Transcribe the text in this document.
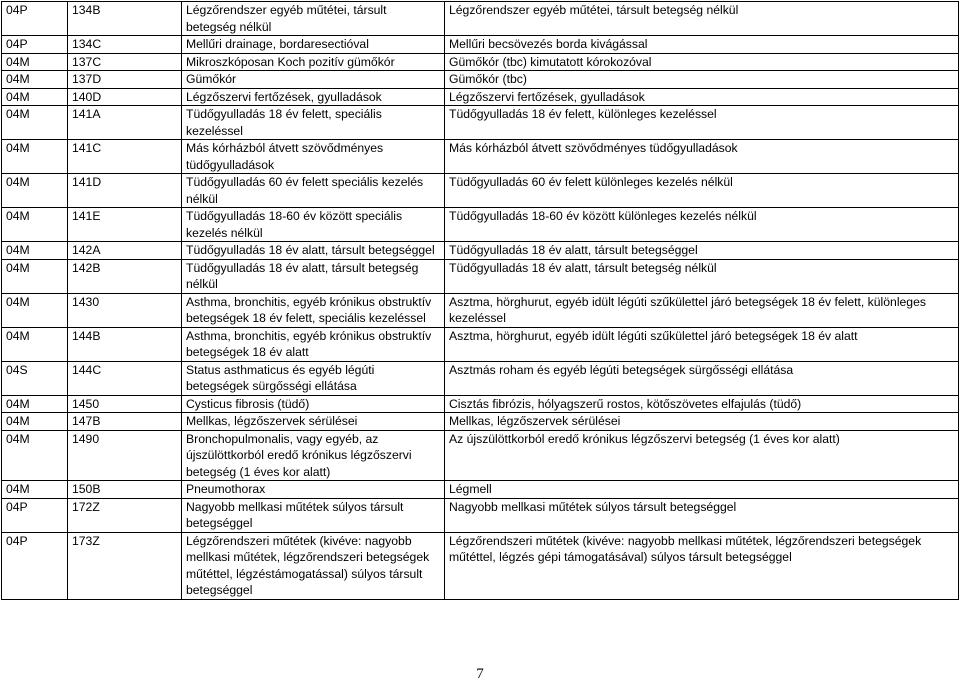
04P	134B	Légzőrendszer egyéb műtétei, társult betegség nélkül	Légzőrendszer egyéb műtétei, társult betegség nélkül
04P	134C	Mellűri drainage, bordaresectióval	Mellűri becsövezés borda kivágással
04M	137C	Mikroszkóposan Koch pozitív gümőkór	Gümőkór (tbc) kimutatott kórokozóval
04M	137D	Gümőkór	Gümőkór (tbc)
04M	140D	Légzőszervi fertőzések, gyulladások	Légzőszervi fertőzések, gyulladások
04M	141A	Tüdőgyulladás 18 év felett, speciális kezeléssel	Tüdőgyulladás 18 év felett, különleges kezeléssel
04M	141C	Más kórházból átvett szövődményes tüdőgyulladások	Más kórházból átvett szövődményes tüdőgyulladások
04M	141D	Tüdőgyulladás 60 év felett speciális kezelés nélkül	Tüdőgyulladás 60 év felett különleges kezelés nélkül
04M	141E	Tüdőgyulladás 18-60 év között speciális kezelés nélkül	Tüdőgyulladás 18-60 év között különleges kezelés nélkül
04M	142A	Tüdőgyulladás 18 év alatt, társult betegséggel	Tüdőgyulladás 18 év alatt, társult betegséggel
04M	142B	Tüdőgyulladás 18 év alatt, társult betegség nélkül	Tüdőgyulladás 18 év alatt, társult betegség nélkül
04M	1430	Asthma, bronchitis, egyéb krónikus obstruktív betegségek 18 év felett, speciális kezeléssel	Asztma, hörghurut, egyéb idült légúti szűkülettel járó betegségek 18 év felett, különleges kezeléssel
04M	144B	Asthma, bronchitis, egyéb krónikus obstruktív betegségek 18 év alatt	Asztma, hörghurut, egyéb idült légúti szűkülettel járó betegségek 18 év alatt
04S	144C	Status asthmaticus és egyéb légúti betegségek sürgősségi ellátása	Asztmás roham és egyéb légúti betegségek sürgősségi ellátása
04M	1450	Cysticus fibrosis (tüdő)	Cisztás fibrózis, hólyagszerű rostos, kötőszövetes elfajulás (tüdő)
04M	147B	Mellkas, légzőszervek sérülései	Mellkas, légzőszervek sérülései
04M	1490	Bronchopulmonalis, vagy egyéb, az újszülöttkorból eredő krónikus légzőszervi betegség (1 éves kor alatt)	Az újszülöttkorból eredő krónikus légzőszervi betegség (1 éves kor alatt)
04M	150B	Pneumothorax	Légmell
04P	172Z	Nagyobb mellkasi műtétek súlyos társult betegséggel	Nagyobb mellkasi műtétek súlyos társult betegséggel
04P	173Z	Légzőrendszeri műtétek (kivéve: nagyobb mellkasi műtétek, légzőrendszeri betegségek műtéttel, légzéstámogatással) súlyos társult betegséggel	Légzőrendszeri műtétek (kivéve: nagyobb mellkasi műtétek, légzőrendszeri betegségek műtéttel, légzés gépi támogatásával) súlyos társult betegséggel
7
